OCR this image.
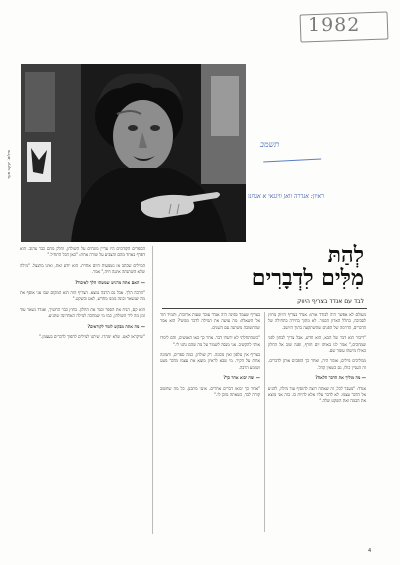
1982
צילום: יעקב סער
תשמב
ראיון: אנדרה וואן ווינגאי א אנחנו
לְהַתּ
מִלִּים לִדְבָרִים
לבד עם אנדד בצריף היווק

מעולם לא אפשר היה לבודד אותו: אנדד בצריף היווק מחוץ לסביבה, בחלל הארון הסגור. לא מתוך בחירה בתחילה של הדברים, הדרמה של הפנים שהשתקעה בתוך היושב.

"דיבור הוא דבר של הבא, הוא חדש, אבל צריך לבחון לפני שמחכים," אמר לנו באותו יום חורף, ופנה שוב אל החלון כאילו מישהו עומד שם.

ממליכים מילים, אומר היה, ואחר כך הופכים אותן לדברים. זה העניין כולו, גם כשאין קהל.

— מה מוליך את הדבר הלאה?

אנדד: "מעבר לכל, זה שאתה רוצה להוסיף עוד מילה, להגיע אל הדבר עצמו. לא לדבר עליו אלא להיות בו. בזה אני מוצא את הבמה ואת השקט שלה."

בצריף שעמד בפינה היה אנדד עובד שעות ארוכות, ותמיד חזר אל השאלה: מה עושה את המילה לדבר ממשי? הוא אמר שהתשובה משתנה עם השנים.

"כשהתחלתי לא ידעתי דבר. אחר כך באו האנשים, והם לימדו אותי להקשיב. אני מנסה לשמור על מה שהם נתנו לי."

בצריף אין טלפון ואין מכונה. רק שולחן, כמה ספרים, ותמונה אחת על הקיר. מי שבא לראיון מוצא את עצמו מדבר מעט ושומע הרבה.

— ומה יבוא אחר כך?

"אחר כך יבואו דברים אחרים. אינני מתכנן. כל מה שחשוב קורה לבד, כשאתה מוכן לו."

הספרים הקודמים היו עדיין מונחים על השולחן, וחלק מהם כבר צהוב. הוא דפדף באחד מהם והצביע על שורה אחת: "כאן הכל התחיל."

המילים שכתב אז נשמעות היום אחרת. הוא יודע זאת, ואינו מתנצל. "מילה שלא השתנתה איננה חיה," אמר.

— האם אתה מרגיש שמשהו הלך לאיבוד?

"הרבה הלך. אבל גם הרבה נמצא. הצריף הזה הוא המקום שבו אני אוסף את מה שנשאר ובונה ממנו מחדש, לאט ובשקט."

הוא קם, הניח את הספר וסגר את החלון. בחוץ כבר החשיך, ואנדד נשאר עוד זמן מה ליד השולחן, כמו מי שמחכה למילה האחרונה שתגיע.

— מה אתה מבקש לומר לקוראים?

"שיקראו לאט. שלא ימהרו. שיתנו למילים להפוך לדברים בעצמן."

4
